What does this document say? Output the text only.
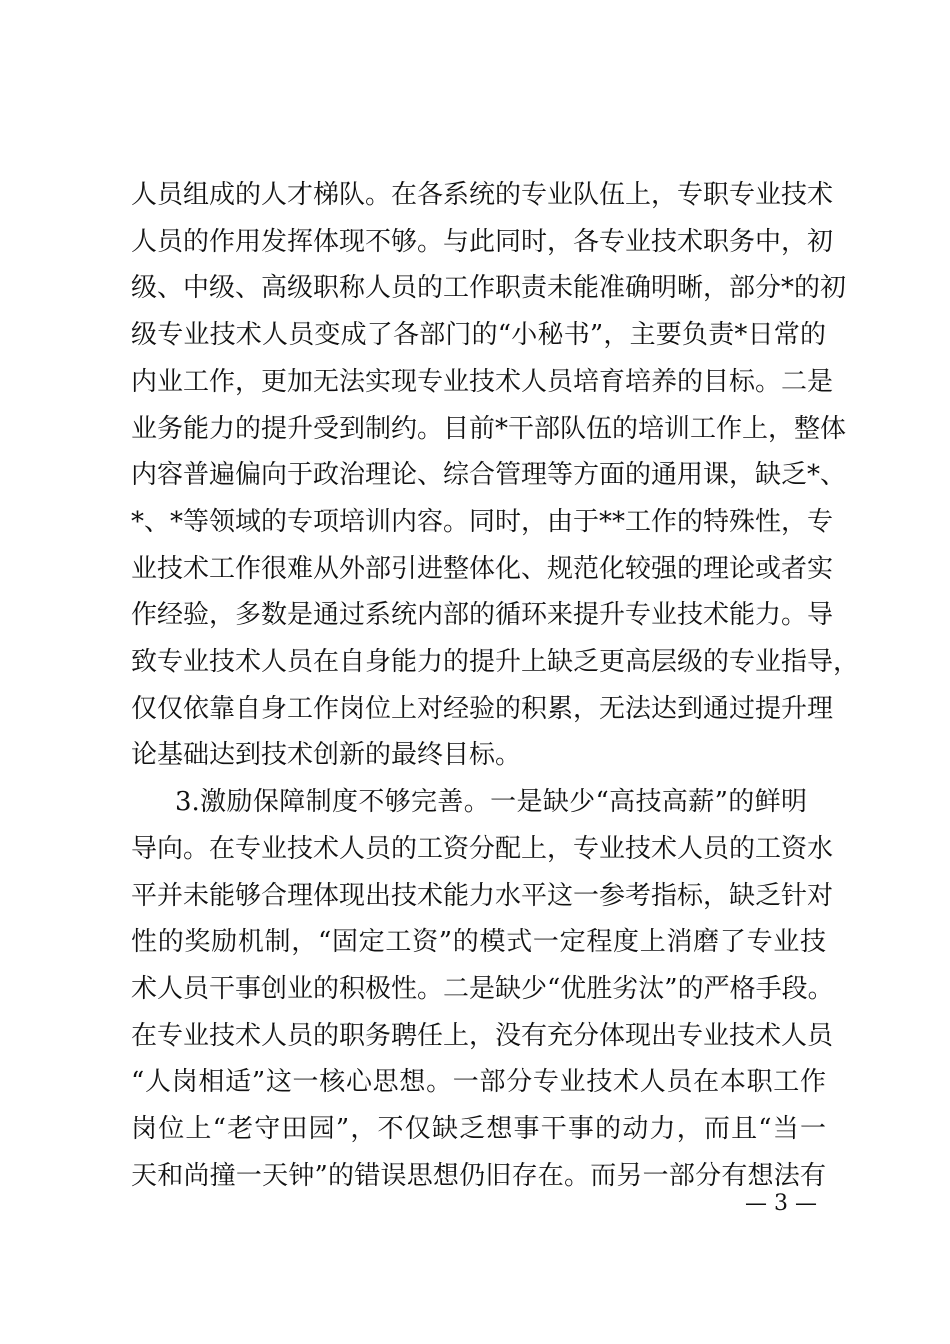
人员组成的人才梯队。在各系统的专业队伍上，专职专业技术
人员的作用发挥体现不够。与此同时，各专业技术职务中，初
级、中级、高级职称人员的工作职责未能准确明晰，部分*的初
级专业技术人员变成了各部门的“小秘书”，主要负责*日常的
内业工作，更加无法实现专业技术人员培育培养的目标。二是
业务能力的提升受到制约。目前*干部队伍的培训工作上，整体
内容普遍偏向于政治理论、综合管理等方面的通用课，缺乏*、
*、*等领域的专项培训内容。同时，由于**工作的特殊性，专
业技术工作很难从外部引进整体化、规范化较强的理论或者实
作经验，多数是通过系统内部的循环来提升专业技术能力。导
致专业技术人员在自身能力的提升上缺乏更高层级的专业指导，
仅仅依靠自身工作岗位上对经验的积累，无法达到通过提升理
论基础达到技术创新的最终目标。
3.激励保障制度不够完善。一是缺少“高技高薪”的鲜明
导向。在专业技术人员的工资分配上，专业技术人员的工资水
平并未能够合理体现出技术能力水平这一参考指标，缺乏针对
性的奖励机制，“固定工资”的模式一定程度上消磨了专业技
术人员干事创业的积极性。二是缺少“优胜劣汰”的严格手段。
在专业技术人员的职务聘任上，没有充分体现出专业技术人员
“人岗相适”这一核心思想。一部分专业技术人员在本职工作
岗位上“老守田园”，不仅缺乏想事干事的动力，而且“当一
天和尚撞一天钟”的错误思想仍旧存在。而另一部分有想法有
— 3 —
